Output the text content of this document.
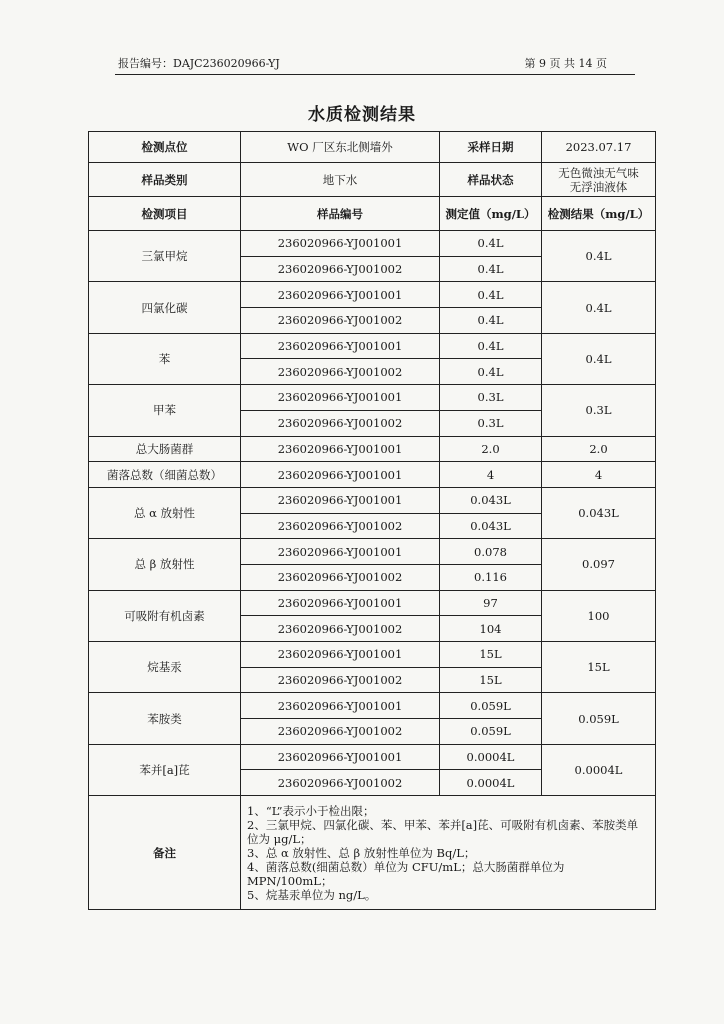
报告编号：DAJC236020966-YJ	第 9 页 共 14 页
水质检测结果
检测点位	WO 厂区东北侧墙外	采样日期	2023.07.17
样品类别	地下水	样品状态	无色微浊无气味
无浮油液体

检测项目	样品编号	测定值（mg/L）	检测结果（mg/L）
三氯甲烷	236020966-YJ001001	0.4L	0.4L
	236020966-YJ001002	0.4L	
四氯化碳	236020966-YJ001001	0.4L	0.4L
	236020966-YJ001002	0.4L	
苯	236020966-YJ001001	0.4L	0.4L
	236020966-YJ001002	0.4L	
甲苯	236020966-YJ001001	0.3L	0.3L
	236020966-YJ001002	0.3L	
总大肠菌群	236020966-YJ001001	2.0	2.0
菌落总数（细菌总数）	236020966-YJ001001	4	4
总 α 放射性	236020966-YJ001001	0.043L	0.043L
	236020966-YJ001002	0.043L	
总 β 放射性	236020966-YJ001001	0.078	0.097
	236020966-YJ001002	0.116	
可吸附有机卤素	236020966-YJ001001	97	100
	236020966-YJ001002	104	
烷基汞	236020966-YJ001001	15L	15L
	236020966-YJ001002	15L	
苯胺类	236020966-YJ001001	0.059L	0.059L
	236020966-YJ001002	0.059L	
苯并[a]芘	236020966-YJ001001	0.0004L	0.0004L
	236020966-YJ001002	0.0004L	
备注	1、“L”表示小于检出限；
2、三氯甲烷、四氯化碳、苯、甲苯、苯并[a]芘、可吸附有机卤素、苯胺类单位为 μg/L；
3、总 α 放射性、总 β 放射性单位为 Bq/L；
4、菌落总数(细菌总数）单位为 CFU/mL；总大肠菌群单位为 MPN/100mL；
5、烷基汞单位为 ng/L。		
